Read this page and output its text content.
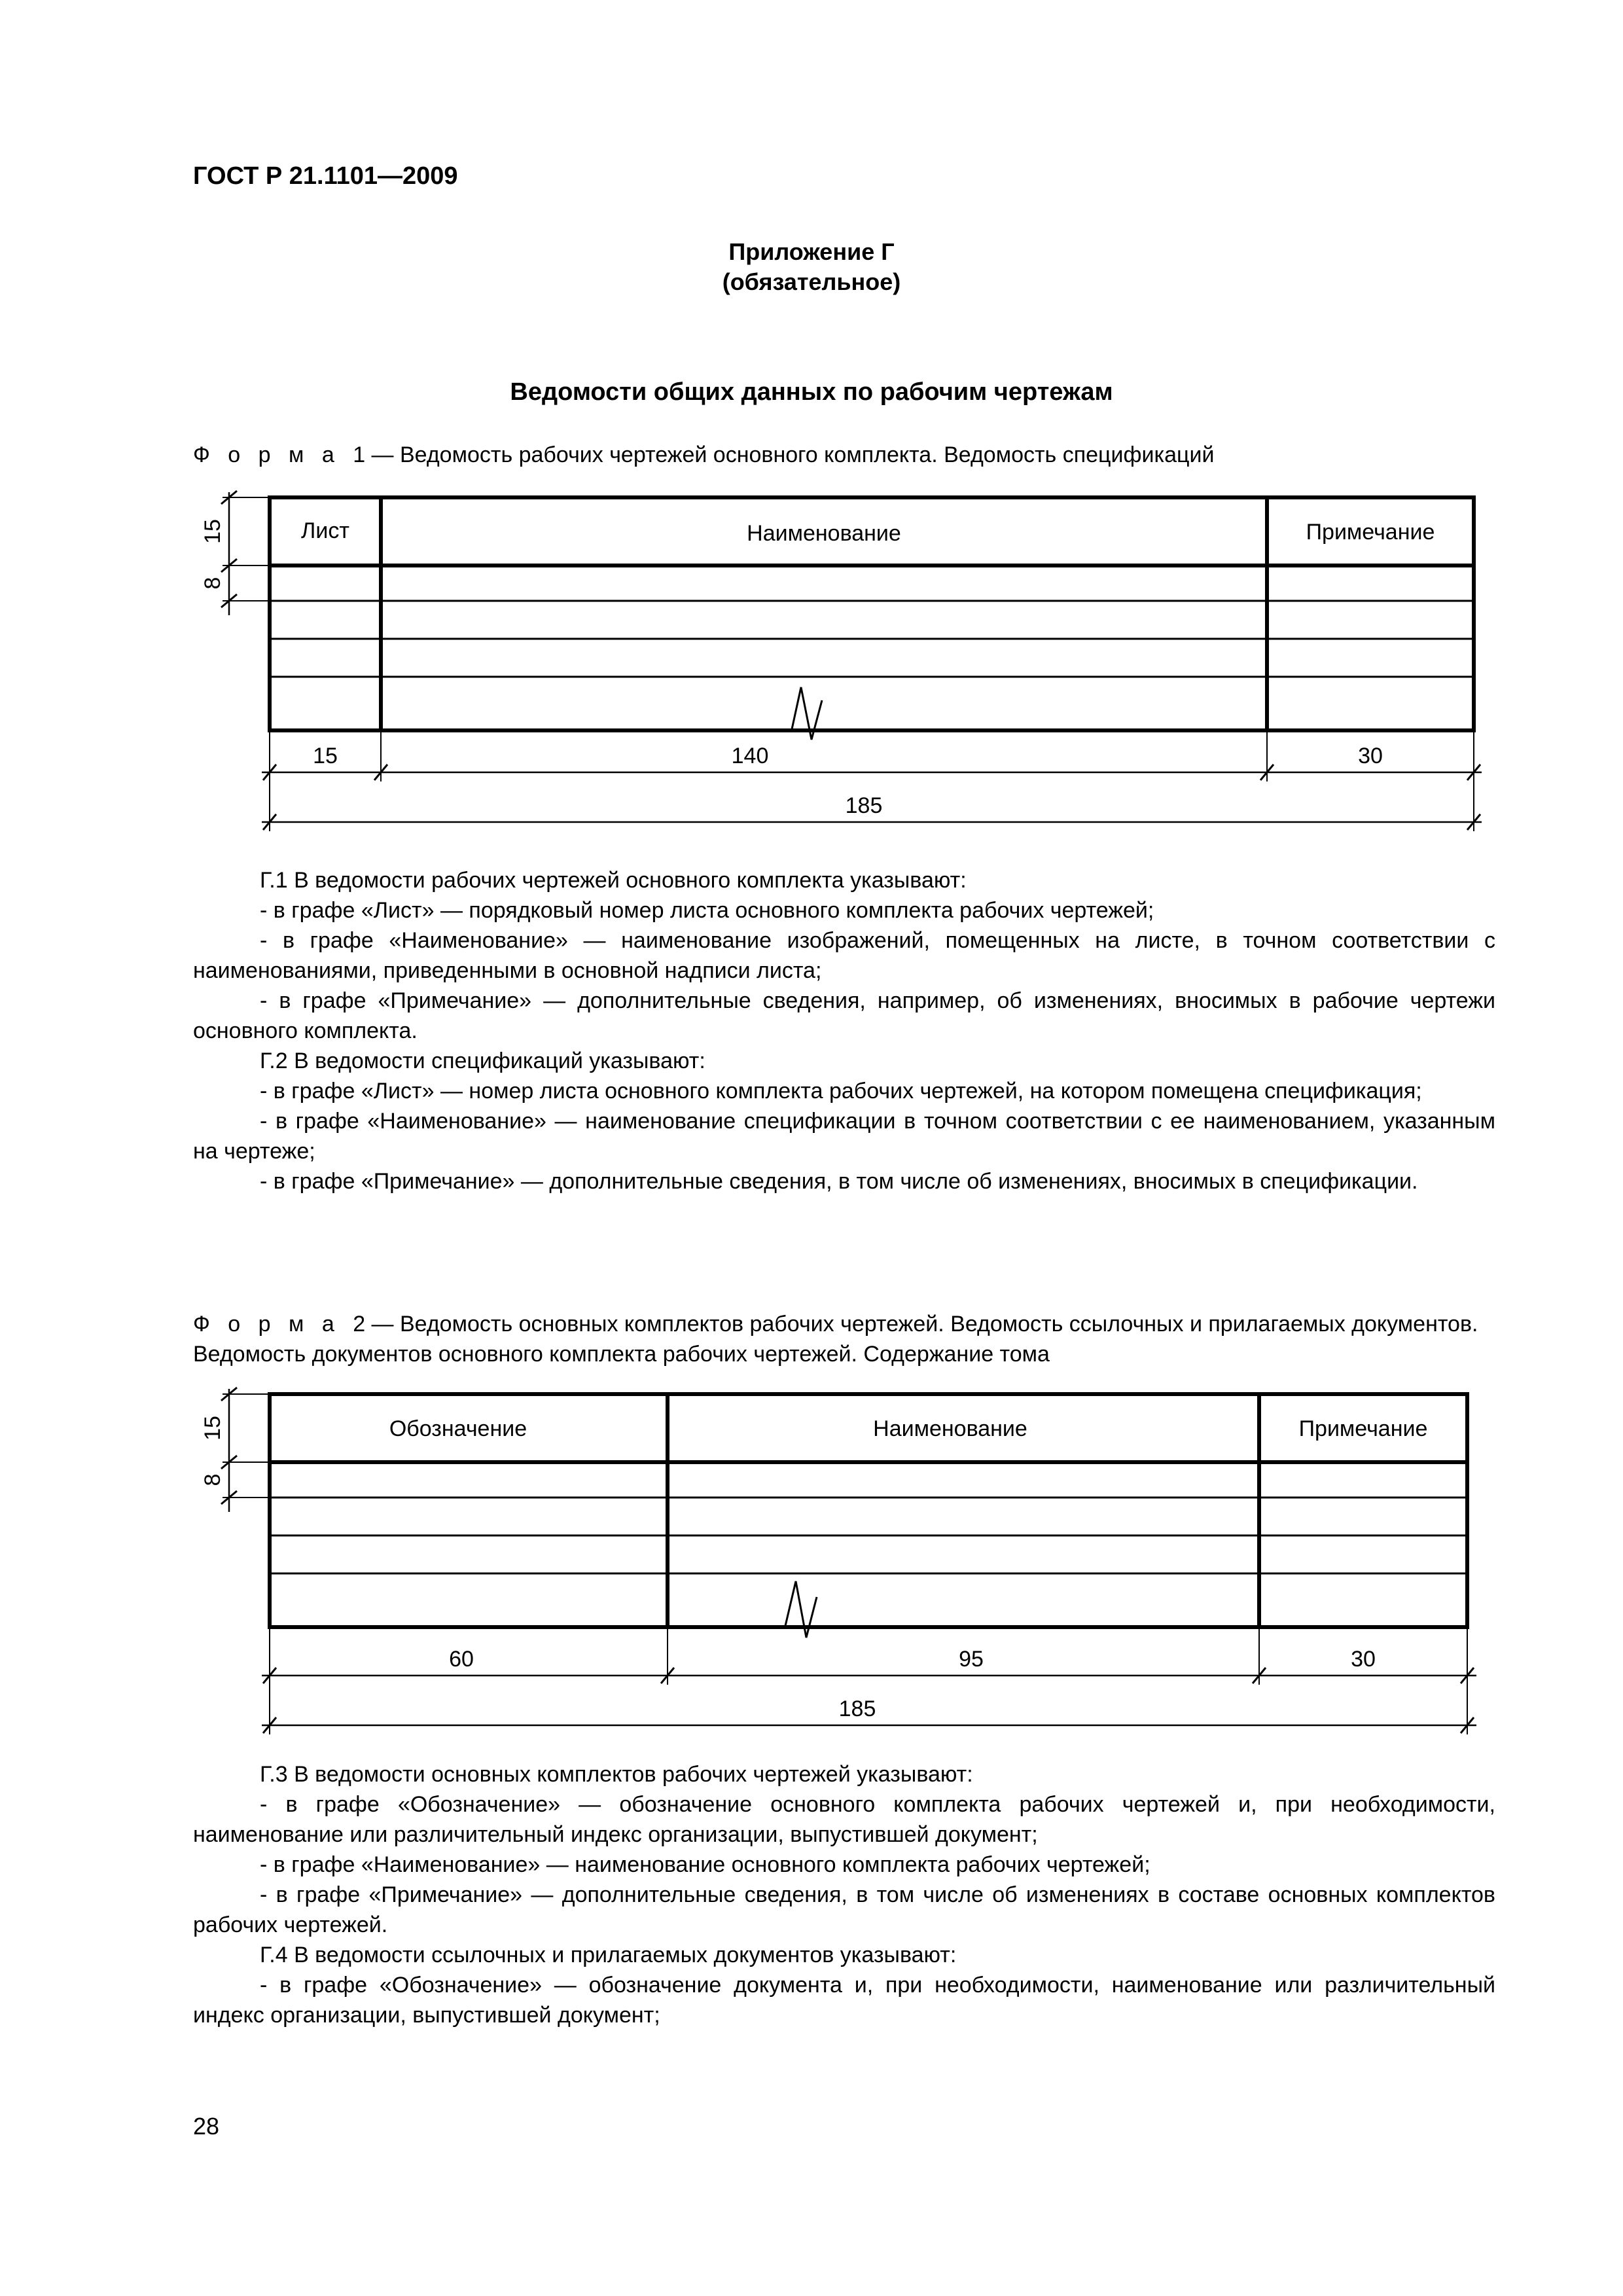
ГОСТ Р 21.1101—2009
Приложение Г
(обязательное)
Ведомости общих данных по рабочим чертежам
Ф о р м а 1 — Ведомость рабочих чертежей основного комплекта. Ведомость спецификаций
Лист	Наименование	Примечание
15	140	30
185
15
8

Г.1 В ведомости рабочих чертежей основного комплекта указывают:

- в графе «Лист» — порядковый номер листа основного комплекта рабочих чертежей;

- в графе «Наименование» — наименование изображений, помещенных на листе, в точном соответствии с наименованиями, приведенными в основной надписи листа;

- в графе «Примечание» — дополнительные сведения, например, об изменениях, вносимых в рабочие чертежи основного комплекта.

Г.2 В ведомости спецификаций указывают:

- в графе «Лист» — номер листа основного комплекта рабочих чертежей, на котором помещена спецификация;

- в графе «Наименование» — наименование спецификации в точном соответствии с ее наименованием, указанным на чертеже;

- в графе «Примечание» — дополнительные сведения, в том числе об изменениях, вносимых в спецификации.

Ф о р м а 2 — Ведомость основных комплектов рабочих чертежей. Ведомость ссылочных и прилагаемых документов. Ведомость документов основного комплекта рабочих чертежей. Содержание тома
Обозначение	Наименование	Примечание
60	95	30
185
15
8

Г.3 В ведомости основных комплектов рабочих чертежей указывают:

- в графе «Обозначение» — обозначение основного комплекта рабочих чертежей и, при необходимости, наименование или различительный индекс организации, выпустившей документ;

- в графе «Наименование» — наименование основного комплекта рабочих чертежей;

- в графе «Примечание» — дополнительные сведения, в том числе об изменениях в составе основных комплектов рабочих чертежей.

Г.4 В ведомости ссылочных и прилагаемых документов указывают:

- в графе «Обозначение» — обозначение документа и, при необходимости, наименование или различительный индекс организации, выпустившей документ;

28
